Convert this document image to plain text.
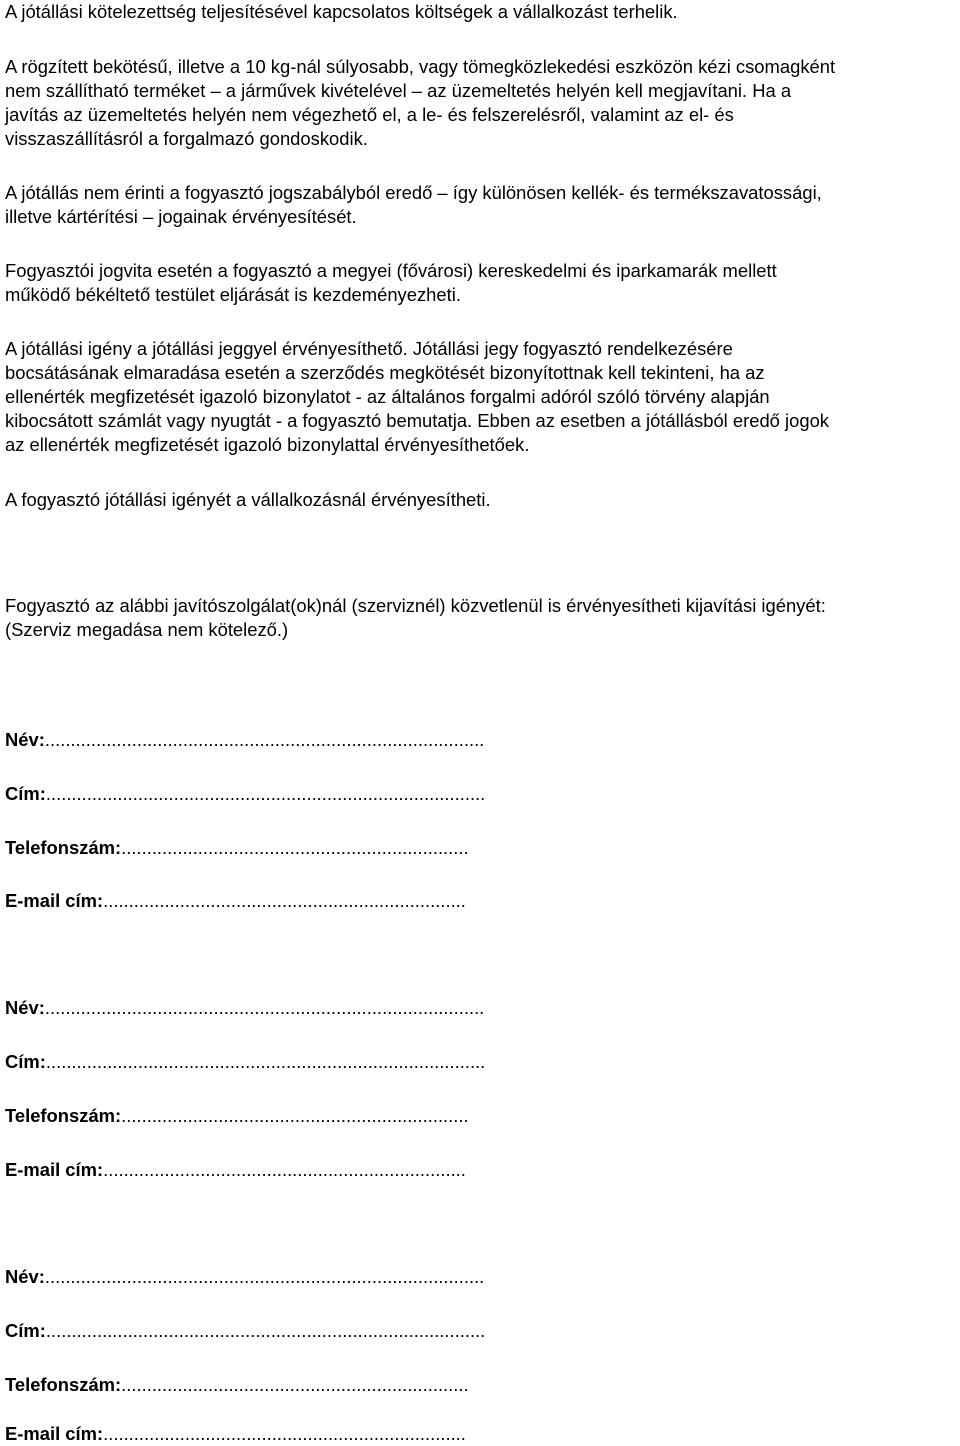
A jótállási kötelezettség teljesítésével kapcsolatos költségek a vállalkozást terhelik.
A rögzített bekötésű, illetve a 10 kg-nál súlyosabb, vagy tömegközlekedési eszközön kézi csomagként
nem szállítható terméket – a járművek kivételével – az üzemeltetés helyén kell megjavítani. Ha a
javítás az üzemeltetés helyén nem végezhető el, a le- és felszerelésről, valamint az el- és
visszaszállításról a forgalmazó gondoskodik.
A jótállás nem érinti a fogyasztó jogszabályból eredő – így különösen kellék- és termékszavatossági,
illetve kártérítési – jogainak érvényesítését.
Fogyasztói jogvita esetén a fogyasztó a megyei (fővárosi) kereskedelmi és iparkamarák mellett
működő békéltető testület eljárását is kezdeményezheti.
A jótállási igény a jótállási jeggyel érvényesíthető. Jótállási jegy fogyasztó rendelkezésére
bocsátásának elmaradása esetén a szerződés megkötését bizonyítottnak kell tekinteni, ha az
ellenérték megfizetését igazoló bizonylatot - az általános forgalmi adóról szóló törvény alapján
kibocsátott számlát vagy nyugtát - a fogyasztó bemutatja. Ebben az esetben a jótállásból eredő jogok
az ellenérték megfizetését igazoló bizonylattal érvényesíthetőek.
A fogyasztó jótállási igényét a vállalkozásnál érvényesítheti.
Fogyasztó az alábbi javítószolgálat(ok)nál (szerviznél) közvetlenül is érvényesítheti kijavítási igényét:
(Szerviz megadása nem kötelező.)
Név:......................................................................................
Cím:......................................................................................
Telefonszám:....................................................................
E-mail cím:.......................................................................
Név:......................................................................................
Cím:......................................................................................
Telefonszám:....................................................................
E-mail cím:.......................................................................
Név:......................................................................................
Cím:......................................................................................
Telefonszám:....................................................................
E-mail cím:.......................................................................
